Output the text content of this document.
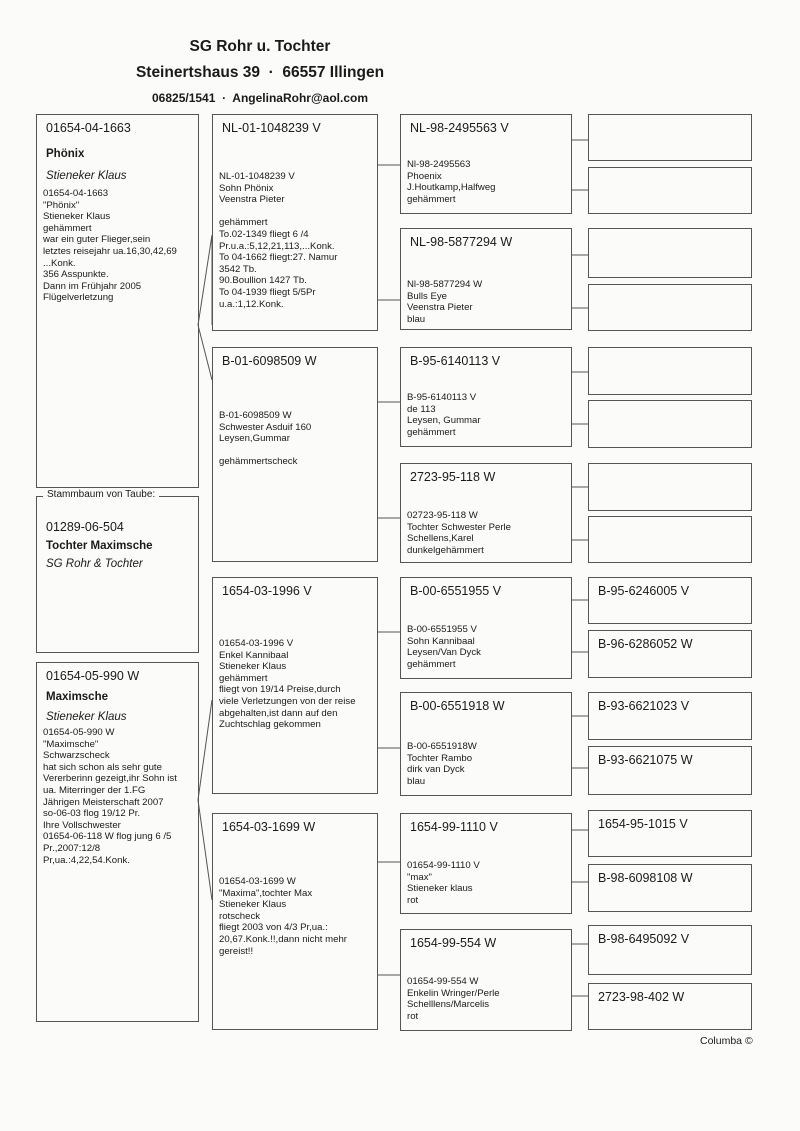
SG Rohr u. Tochter
Steinertshaus 39  ·  66557 Illingen
06825/1541  ·  AngelinaRohr@aol.com
01654-04-1663
Phönix
Stieneker Klaus
01654-04-1663
"Phönix"
Stieneker Klaus
gehämmert
war ein guter Flieger,sein
letztes reisejahr ua.16,30,42,69
...Konk.
356 Asspunkte.
Dann im Frühjahr 2005
Flügelverletzung
Stammbaum von Taube:
01289-06-504
Tochter Maximsche
SG Rohr & Tochter
01654-05-990 W
Maximsche
Stieneker Klaus
01654-05-990 W
"Maximsche"
Schwarzscheck
hat sich schon als sehr gute
Vererberinn gezeigt,ihr Sohn ist
ua. Miterringer der 1.FG
Jährigen Meisterschaft 2007
so-06-03 flog 19/12 Pr.
Ihre Vollschwester
01654-06-118 W flog jung 6 /5
Pr.,2007:12/8
Pr,ua.:4,22,54.Konk.
NL-01-1048239 V
NL-01-1048239 V
Sohn Phönix
Veenstra Pieter

gehämmert
To.02-1349 fliegt 6 /4
Pr.u.a.:5,12,21,113,...Konk.
To 04-1662 fliegt:27. Namur
3542 Tb.
90.Boullion 1427 Tb.
To 04-1939 fliegt 5/5Pr
u.a.:1,12.Konk.
B-01-6098509 W
B-01-6098509 W
Schwester Asduif 160
Leysen,Gummar

gehämmertscheck
1654-03-1996 V
01654-03-1996 V
Enkel Kannibaal
Stieneker Klaus
gehämmert
fliegt von 19/14 Preise,durch
viele Verletzungen von der reise
abgehalten,ist dann auf den
Zuchtschlag gekommen
1654-03-1699 W
01654-03-1699 W
"Maxima",tochter Max
Stieneker Klaus
rotscheck
fliegt 2003 von 4/3 Pr,ua.:
20,67.Konk.!!,dann nicht mehr
gereist!!
NL-98-2495563 V
Nl-98-2495563
Phoenix
J.Houtkamp,Halfweg
gehämmert
NL-98-5877294 W
Nl-98-5877294 W
Bulls Eye
Veenstra Pieter
blau
B-95-6140113 V
B-95-6140113 V
de 113
Leysen, Gummar
gehämmert
2723-95-118 W
02723-95-118 W
Tochter Schwester Perle
Schellens,Karel
dunkelgehämmert
B-00-6551955 V
B-00-6551955 V
Sohn Kannibaal
Leysen/Van Dyck
gehämmert
B-00-6551918 W
B-00-6551918W
Tochter Rambo
dirk van Dyck
blau
1654-99-1110 V
01654-99-1110 V
"max"
Stieneker klaus
rot
1654-99-554 W
01654-99-554 W
Enkelin Wringer/Perle
Schelllens/Marcelis
rot
B-95-6246005 V
B-96-6286052 W
B-93-6621023 V
B-93-6621075 W
1654-95-1015 V
B-98-6098108 W
B-98-6495092 V
2723-98-402 W
Columba ©
